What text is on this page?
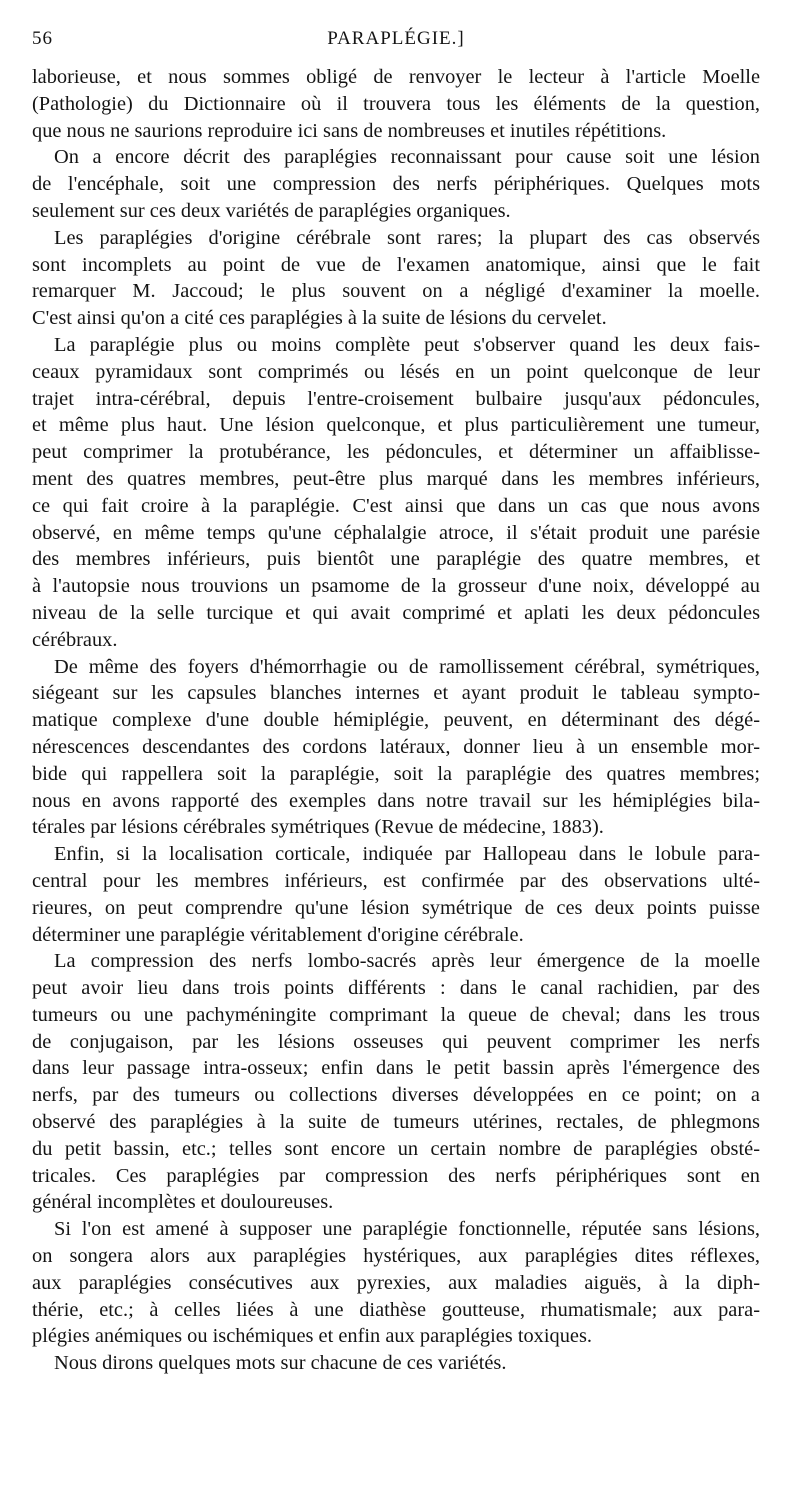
56	PARAPLÉGIE.]
laborieuse, et nous sommes obligé de renvoyer le lecteur à l'article Moelle
(Pathologie) du Dictionnaire où il trouvera tous les éléments de la question,
que nous ne saurions reproduire ici sans de nombreuses et inutiles répétitions.
On a encore décrit des paraplégies reconnaissant pour cause soit une lésion
de l'encéphale, soit une compression des nerfs périphériques. Quelques mots
seulement sur ces deux variétés de paraplégies organiques.
Les paraplégies d'origine cérébrale sont rares; la plupart des cas observés
sont incomplets au point de vue de l'examen anatomique, ainsi que le fait
remarquer M. Jaccoud; le plus souvent on a négligé d'examiner la moelle.
C'est ainsi qu'on a cité ces paraplégies à la suite de lésions du cervelet.
La paraplégie plus ou moins complète peut s'observer quand les deux fais-
ceaux pyramidaux sont comprimés ou lésés en un point quelconque de leur
trajet intra-cérébral, depuis l'entre-croisement bulbaire jusqu'aux pédoncules,
et même plus haut. Une lésion quelconque, et plus particulièrement une tumeur,
peut comprimer la protubérance, les pédoncules, et déterminer un affaiblisse-
ment des quatres membres, peut-être plus marqué dans les membres inférieurs,
ce qui fait croire à la paraplégie. C'est ainsi que dans un cas que nous avons
observé, en même temps qu'une céphalalgie atroce, il s'était produit une parésie
des membres inférieurs, puis bientôt une paraplégie des quatre membres, et
à l'autopsie nous trouvions un psamome de la grosseur d'une noix, développé au
niveau de la selle turcique et qui avait comprimé et aplati les deux pédoncules
cérébraux.
De même des foyers d'hémorrhagie ou de ramollissement cérébral, symétriques,
siégeant sur les capsules blanches internes et ayant produit le tableau sympto-
matique complexe d'une double hémiplégie, peuvent, en déterminant des dégé-
nérescences descendantes des cordons latéraux, donner lieu à un ensemble mor-
bide qui rappellera soit la paraplégie, soit la paraplégie des quatres membres;
nous en avons rapporté des exemples dans notre travail sur les hémiplégies bila-
térales par lésions cérébrales symétriques (Revue de médecine, 1883).
Enfin, si la localisation corticale, indiquée par Hallopeau dans le lobule para-
central pour les membres inférieurs, est confirmée par des observations ulté-
rieures, on peut comprendre qu'une lésion symétrique de ces deux points puisse
déterminer une paraplégie véritablement d'origine cérébrale.
La compression des nerfs lombo-sacrés après leur émergence de la moelle
peut avoir lieu dans trois points différents : dans le canal rachidien, par des
tumeurs ou une pachyméningite comprimant la queue de cheval; dans les trous
de conjugaison, par les lésions osseuses qui peuvent comprimer les nerfs
dans leur passage intra-osseux; enfin dans le petit bassin après l'émergence des
nerfs, par des tumeurs ou collections diverses développées en ce point; on a
observé des paraplégies à la suite de tumeurs utérines, rectales, de phlegmons
du petit bassin, etc.; telles sont encore un certain nombre de paraplégies obsté-
tricales. Ces paraplégies par compression des nerfs périphériques sont en
général incomplètes et douloureuses.
Si l'on est amené à supposer une paraplégie fonctionnelle, réputée sans lésions,
on songera alors aux paraplégies hystériques, aux paraplégies dites réflexes,
aux paraplégies consécutives aux pyrexies, aux maladies aiguës, à la diph-
thérie, etc.; à celles liées à une diathèse goutteuse, rhumatismale; aux para-
plégies anémiques ou ischémiques et enfin aux paraplégies toxiques.
Nous dirons quelques mots sur chacune de ces variétés.
